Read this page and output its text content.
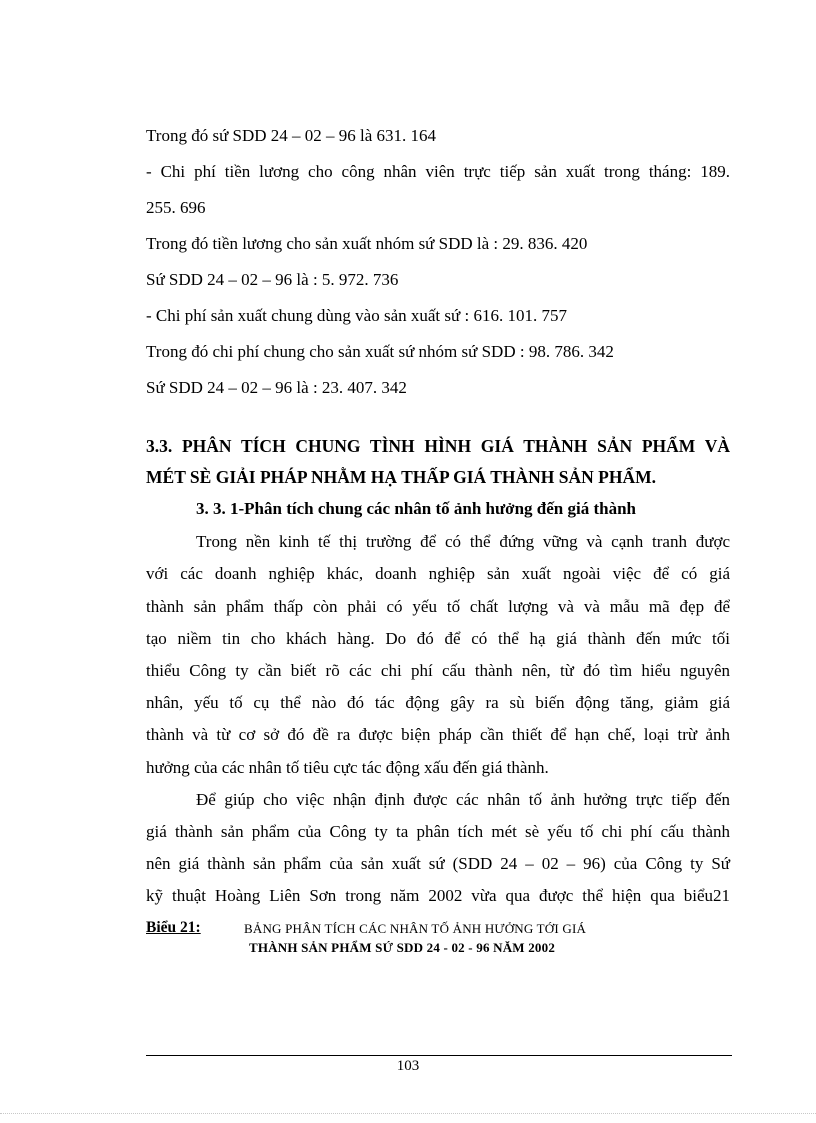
Trong đó sứ SDD 24 – 02 – 96 là 631. 164
- Chi phí tiền lương cho công nhân viên trực tiếp sản xuất trong tháng: 189.
255. 696
Trong đó tiền lương cho sản xuất nhóm sứ SDD là : 29. 836. 420
Sứ SDD 24 – 02 – 96 là : 5. 972. 736
- Chi phí sản xuất chung dùng vào sản xuất sứ : 616. 101. 757
Trong đó chi phí chung cho sản xuất sứ nhóm sứ SDD : 98. 786. 342
Sứ SDD 24 – 02 – 96 là : 23. 407. 342
3.3. PHÂN TÍCH CHUNG TÌNH HÌNH GIÁ THÀNH SẢN PHẨM VÀ
MÉT SÈ GIẢI PHÁP NHẰM HẠ THẤP GIÁ THÀNH SẢN PHẨM.
3. 3. 1-Phân tích chung các nhân tố ảnh hưởng đến giá thành
Trong nền kinh tế thị trường để có thể đứng vững và cạnh tranh được
với các doanh nghiệp khác, doanh nghiệp sản xuất ngoài việc để có giá
thành sản phẩm thấp còn phải có yếu tố chất lượng và và mẫu mã đẹp để
tạo niềm tin cho khách hàng. Do đó để có thể hạ giá thành đến mức tối
thiểu Công ty cần biết rõ các chi phí cấu thành nên, từ đó tìm hiểu nguyên
nhân, yếu tố cụ thể nào đó tác động gây ra sù biến động tăng, giảm giá
thành và từ cơ sở đó đề ra được biện pháp cần thiết để hạn chế, loại trừ ảnh
hưởng của các nhân tố tiêu cực tác động xấu đến giá thành.
Để giúp cho việc nhận định được các nhân tố ảnh hưởng trực tiếp đến
giá thành sản phẩm của Công ty ta phân tích mét sè yếu tố chi phí cấu thành
nên giá thành sản phẩm của sản xuất sứ (SDD 24 – 02 – 96) của Công ty Sứ
kỹ thuật Hoàng Liên Sơn trong năm 2002 vừa qua được thể hiện qua biểu21
Biểu 21:	BẢNG PHÂN TÍCH CÁC NHÂN TỐ ẢNH HƯỞNG TỚI GIÁ
THÀNH SẢN PHẨM SỨ SDD 24 - 02 - 96 NĂM 2002
103
